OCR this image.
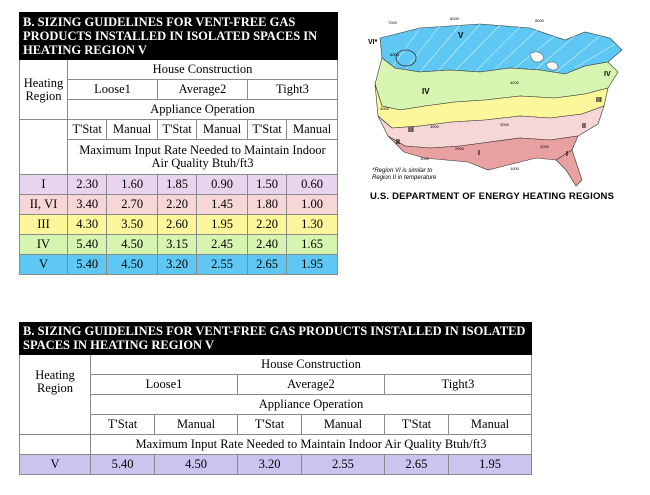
B. SIZING GUIDELINES FOR VENT-FREE GAS PRODUCTS INSTALLED IN ISOLATED SPACES IN HEATING REGION V						
Heating Region	House Construction					
	Loose1		Average2		Tight3	
	Appliance Operation					
	T'Stat	Manual	T'Stat	Manual	T'Stat	Manual
	Maximum Input Rate Needed to Maintain Indoor Air Quality Btuh/ft3					
I	2.30	1.60	1.85	0.90	1.50	0.60
II, VI	3.40	2.70	2.20	1.45	1.80	1.00
III	4.30	3.50	2.60	1.95	2.20	1.30
IV	5.40	4.50	3.15	2.45	2.40	1.65
V	5.40	4.50	3.20	2.55	2.65	1.95
VI*
V
IV
IV
III
III
II
II
I	I
7000
6000	5000
6000
4000
4000
3000	3000
2000	2000
1000
1000
*Region VI is similar to Region II in temperature
U.S. DEPARTMENT OF ENERGY HEATING REGIONS
B. SIZING GUIDELINES FOR VENT-FREE GAS PRODUCTS INSTALLED IN ISOLATED SPACES IN HEATING REGION V						
Heating Region	House Construction					
	Loose1		Average2		Tight3	
	Appliance Operation					
	T'Stat	Manual	T'Stat	Manual	T'Stat	Manual
	Maximum Input Rate Needed to Maintain Indoor Air Quality Btuh/ft3					
V	5.40	4.50	3.20	2.55	2.65	1.95
